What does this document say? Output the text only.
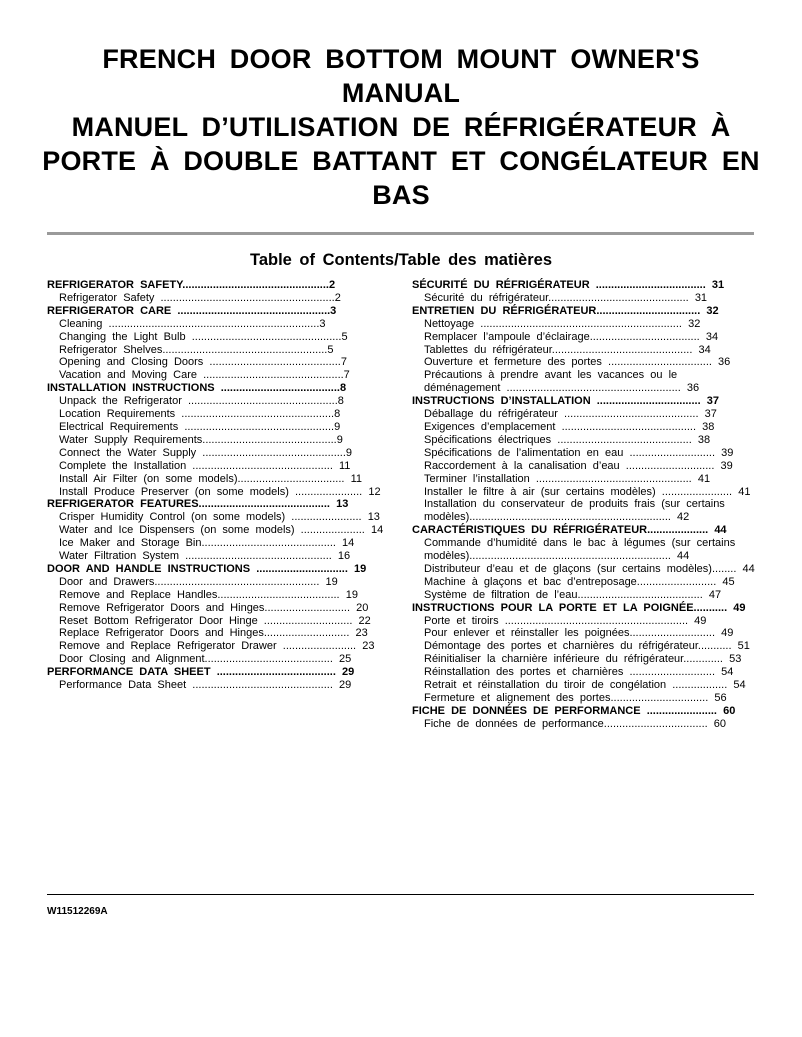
FRENCH DOOR BOTTOM MOUNT OWNER'S
MANUAL
MANUEL D’UTILISATION DE RÉFRIGÉRATEUR À
PORTE À DOUBLE BATTANT ET CONGÉLATEUR EN
BAS
Table of Contents/Table des matières
REFRIGERATOR  SAFETY................................................2
Refrigerator  Safety  .........................................................2
REFRIGERATOR  CARE  ..................................................3
Cleaning  .....................................................................3
Changing  the  Light  Bulb  .................................................5
Refrigerator  Shelves......................................................5
Opening  and  Closing  Doors  ...........................................7
Vacation  and  Moving  Care  ..............................................7
INSTALLATION  INSTRUCTIONS  .......................................8
Unpack  the  Refrigerator  .................................................8
Location  Requirements  ..................................................8
Electrical  Requirements  .................................................9
Water  Supply  Requirements............................................9
Connect  the  Water  Supply  ...............................................9
Complete  the  Installation  ..............................................  11
Install  Air  Filter  (on  some  models)...................................  11
Install  Produce  Preserver  (on  some  models)  ......................  12
REFRIGERATOR  FEATURES...........................................  13
Crisper  Humidity  Control  (on  some  models)  .......................  13
Water  and  Ice  Dispensers  (on  some  models)  .....................  14
Ice  Maker  and  Storage  Bin............................................  14
Water  Filtration  System  ................................................  16
DOOR  AND  HANDLE  INSTRUCTIONS  ..............................  19
Door  and  Drawers......................................................  19
Remove  and  Replace  Handles........................................  19
Remove  Refrigerator  Doors  and  Hinges............................  20
Reset  Bottom  Refrigerator  Door  Hinge  .............................  22
Replace  Refrigerator  Doors  and  Hinges............................  23
Remove  and  Replace  Refrigerator  Drawer  ........................  23
Door  Closing  and  Alignment..........................................  25
PERFORMANCE  DATA  SHEET  .......................................  29
Performance  Data  Sheet  ..............................................  29
SÉCURITÉ  DU  RÉFRIGÉRATEUR  ....................................  31
Sécurité  du  réfrigérateur..............................................  31
ENTRETIEN  DU  RÉFRIGÉRATEUR..................................  32
Nettoyage  ..................................................................  32
Remplacer  l’ampoule  d’éclairage....................................  34
Tablettes  du  réfrigérateur..............................................  34
Ouverture  et  fermeture  des  portes  ..................................  36
Précautions  à  prendre  avant  les  vacances  ou  le
déménagement  .........................................................  36
INSTRUCTIONS  D’INSTALLATION  ..................................  37
Déballage  du  réfrigérateur  ............................................  37
Exigences  d’emplacement  ............................................  38
Spécifications  électriques  ............................................  38
Spécifications  de  l’alimentation  en  eau  ............................  39
Raccordement  à  la  canalisation  d’eau  .............................  39
Terminer  l’installation  ...................................................  41
Installer  le  filtre  à  air  (sur  certains  modèles)  .......................  41
Installation  du  conservateur  de  produits  frais  (sur  certains
modèles)..................................................................  42
CARACTÉRISTIQUES  DU  RÉFRIGÉRATEUR....................  44
Commande  d’humidité  dans  le  bac  à  légumes  (sur  certains
modèles)..................................................................  44
Distributeur  d’eau  et  de  glaçons  (sur  certains  modèles)........  44
Machine  à  glaçons  et  bac  d’entreposage..........................  45
Système  de  filtration  de  l’eau.........................................  47
INSTRUCTIONS  POUR  LA  PORTE  ET  LA  POIGNÉE...........  49
Porte  et  tiroirs  ............................................................  49
Pour  enlever  et  réinstaller  les  poignées............................  49
Démontage  des  portes  et  charnières  du  réfrigérateur...........  51
Réinitialiser  la  charnière  inférieure  du  réfrigérateur.............  53
Réinstallation  des  portes  et  charnières  ............................  54
Retrait  et  réinstallation  du  tiroir  de  congélation  ..................  54
Fermeture  et  alignement  des  portes................................  56
FICHE  DE  DONNÉES  DE  PERFORMANCE  .......................  60
Fiche  de  données  de  performance..................................  60
W11512269A
